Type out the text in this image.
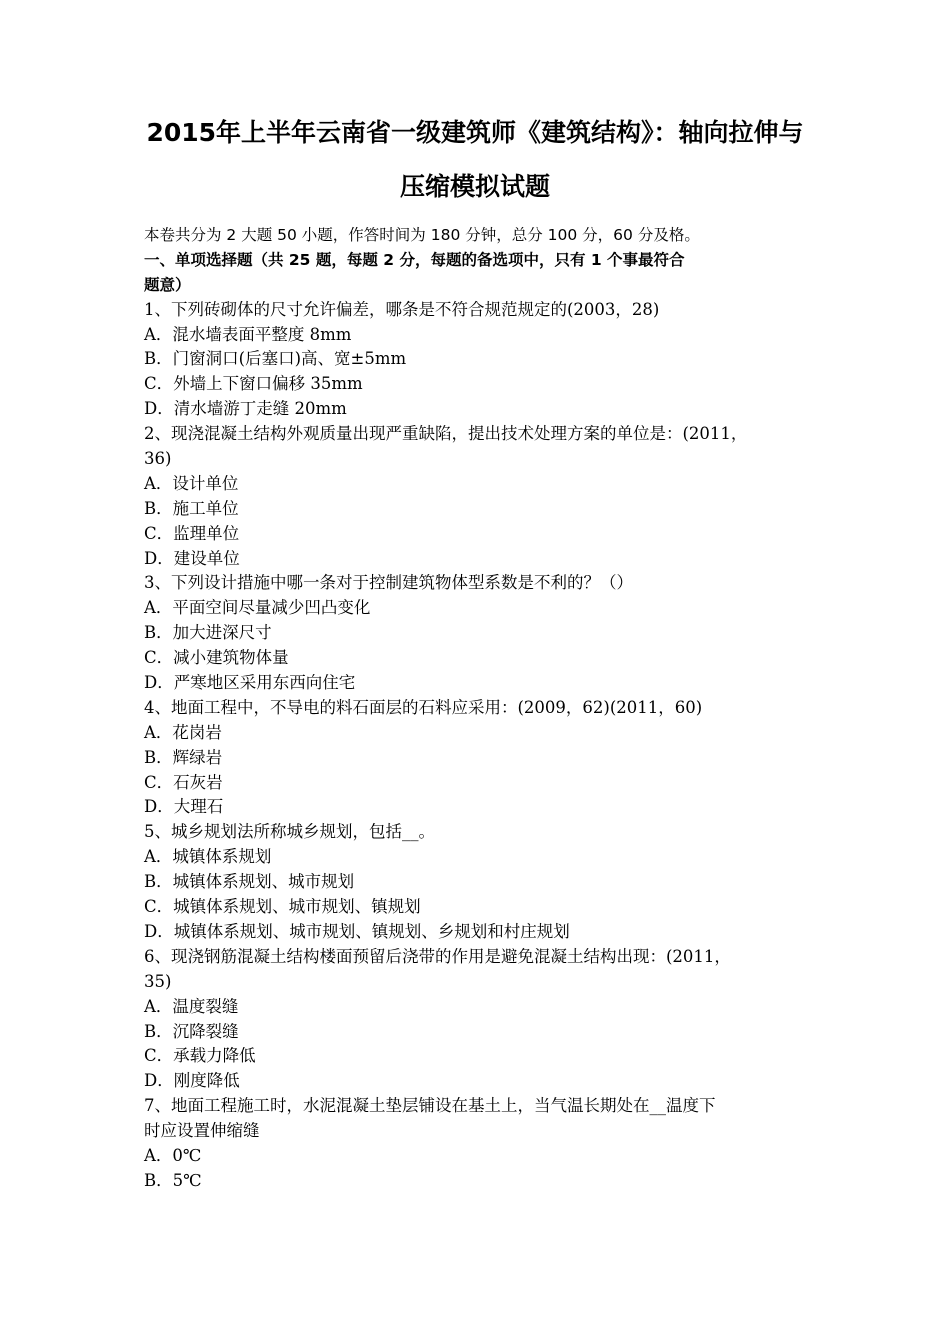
2015年上半年云南省一级建筑师《建筑结构》：轴向拉伸与
压缩模拟试题
本卷共分为 2 大题 50 小题，作答时间为 180 分钟，总分 100 分，60 分及格。
一、单项选择题（共 25 题，每题 2 分，每题的备选项中，只有 1 个事最符合
题意）
1、下列砖砌体的尺寸允许偏差，哪条是不符合规范规定的(2003，28)
A．混水墙表面平整度 8mm
B．门窗洞口(后塞口)高、宽±5mm
C．外墙上下窗口偏移 35mm
D．清水墙游丁走缝 20mm
2、现浇混凝土结构外观质量出现严重缺陷，提出技术处理方案的单位是：(2011，
36)
A．设计单位
B．施工单位
C．监理单位
D．建设单位
3、下列设计措施中哪一条对于控制建筑物体型系数是不利的？（）
A．平面空间尽量减少凹凸变化
B．加大进深尺寸
C．减小建筑物体量
D．严寒地区采用东西向住宅
4、地面工程中，不导电的料石面层的石料应采用：(2009，62)(2011，60)
A．花岗岩
B．辉绿岩
C．石灰岩
D．大理石
5、城乡规划法所称城乡规划，包括__。
A．城镇体系规划
B．城镇体系规划、城市规划
C．城镇体系规划、城市规划、镇规划
D．城镇体系规划、城市规划、镇规划、乡规划和村庄规划
6、现浇钢筋混凝土结构楼面预留后浇带的作用是避免混凝土结构出现：(2011，
35)
A．温度裂缝
B．沉降裂缝
C．承载力降低
D．刚度降低
7、地面工程施工时，水泥混凝土垫层铺设在基土上，当气温长期处在__温度下
时应设置伸缩缝
A．0℃
B．5℃
